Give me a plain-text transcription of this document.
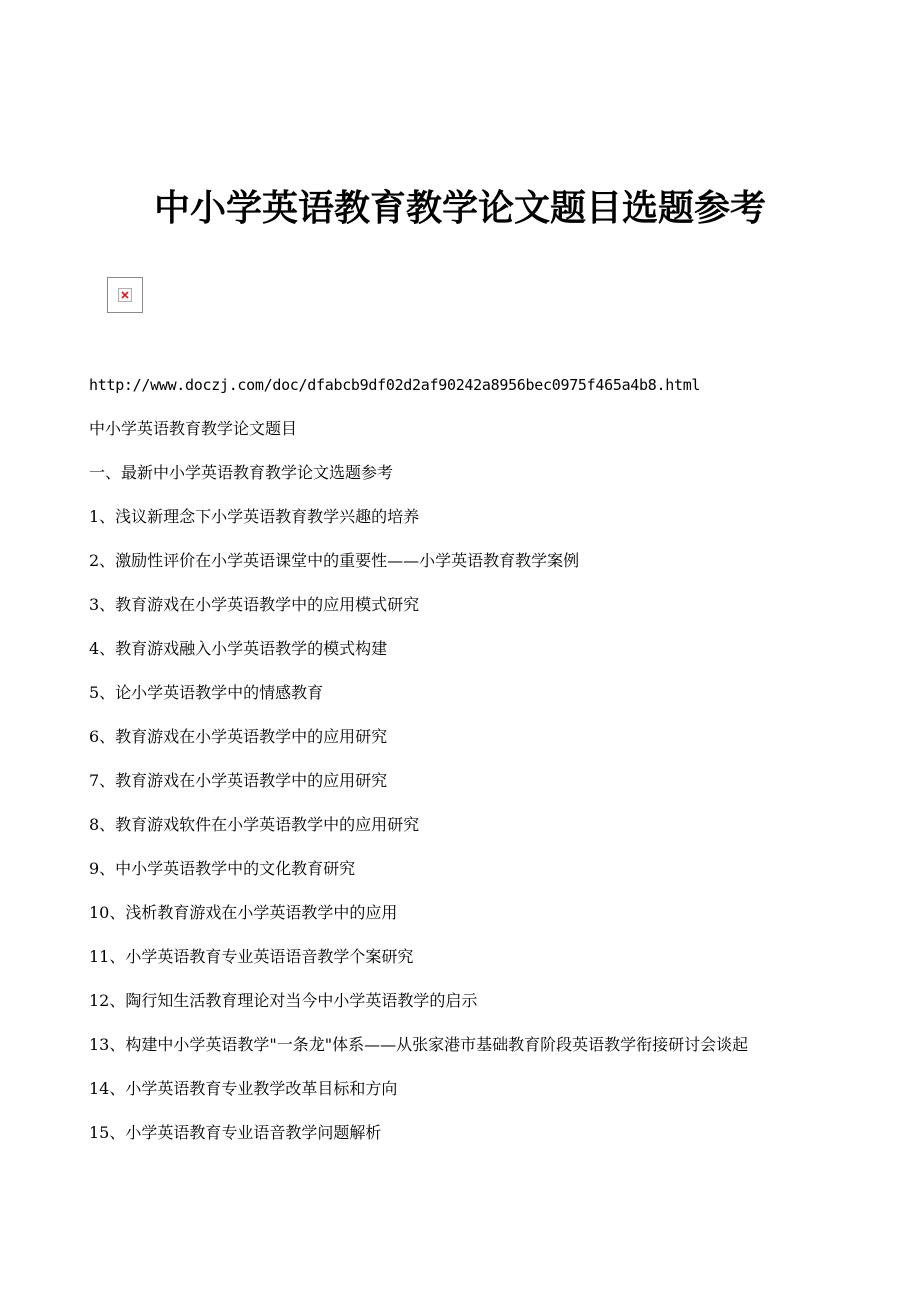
中小学英语教育教学论文题目选题参考

http://www.doczj.com/doc/dfabcb9df02d2af90242a8956bec0975f465a4b8.html

中小学英语教育教学论文题目

一、最新中小学英语教育教学论文选题参考

1、浅议新理念下小学英语教育教学兴趣的培养

2、激励性评价在小学英语课堂中的重要性——小学英语教育教学案例

3、教育游戏在小学英语教学中的应用模式研究

4、教育游戏融入小学英语教学的模式构建

5、论小学英语教学中的情感教育

6、教育游戏在小学英语教学中的应用研究

7、教育游戏在小学英语教学中的应用研究

8、教育游戏软件在小学英语教学中的应用研究

9、中小学英语教学中的文化教育研究

10、浅析教育游戏在小学英语教学中的应用

11、小学英语教育专业英语语音教学个案研究

12、陶行知生活教育理论对当今中小学英语教学的启示

13、构建中小学英语教学"一条龙"体系——从张家港市基础教育阶段英语教学衔接研讨会谈起

14、小学英语教育专业教学改革目标和方向

15、小学英语教育专业语音教学问题解析
